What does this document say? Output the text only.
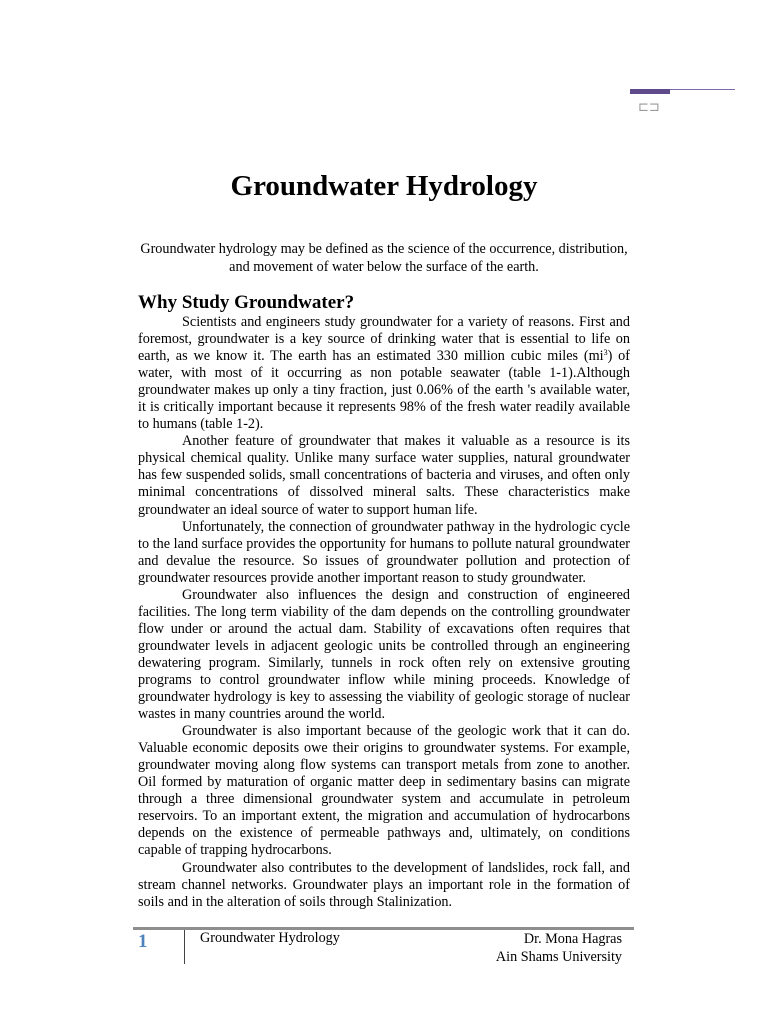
⊏⊐
Groundwater Hydrology

Groundwater hydrology may be defined as the science of the occurrence, distribution, and movement of water below the surface of the earth.

Why Study Groundwater?

Scientists and engineers study groundwater for a variety of reasons. First and foremost, groundwater is a key source of drinking water that is essential to life on earth, as we know it. The earth has an estimated 330 million cubic miles $(mi^3)$ of water, with most of it occurring as non potable seawater (table 1-1).Although groundwater makes up only a tiny fraction, just 0.06% of the earth 's available water, it is critically important because it represents 98% of the fresh water readily available to humans (table 1-2).

Another feature of groundwater that makes it valuable as a resource is its physical chemical quality. Unlike many surface water supplies, natural groundwater has few suspended solids, small concentrations of bacteria and viruses, and often only minimal concentrations of dissolved mineral salts. These characteristics make groundwater an ideal source of water to support human life.

Unfortunately, the connection of groundwater pathway in the hydrologic cycle to the land surface provides the opportunity for humans to pollute natural groundwater and devalue the resource. So issues of groundwater pollution and protection of groundwater resources provide another important reason to study groundwater.

Groundwater also influences the design and construction of engineered facilities. The long term viability of the dam depends on the controlling groundwater flow under or around the actual dam. Stability of excavations often requires that groundwater levels in adjacent geologic units be controlled through an engineering dewatering program. Similarly, tunnels in rock often rely on extensive grouting programs to control groundwater inflow while mining proceeds. Knowledge of groundwater hydrology is key to assessing the viability of geologic storage of nuclear wastes in many countries around the world.

Groundwater is also important because of the geologic work that it can do. Valuable economic deposits owe their origins to groundwater systems. For example, groundwater moving along flow systems can transport metals from zone to another. Oil formed by maturation of organic matter deep in sedimentary basins can migrate through a three dimensional groundwater system and accumulate in petroleum reservoirs. To an important extent, the migration and accumulation of hydrocarbons depends on the existence of permeable pathways and, ultimately, on conditions capable of trapping hydrocarbons.

Groundwater also contributes to the development of landslides, rock fall, and stream channel networks. Groundwater plays an important role in the formation of soils and in the alteration of soils through Stalinization.

1	Groundwater Hydrology	Dr. Mona Hagras
Ain Shams University
